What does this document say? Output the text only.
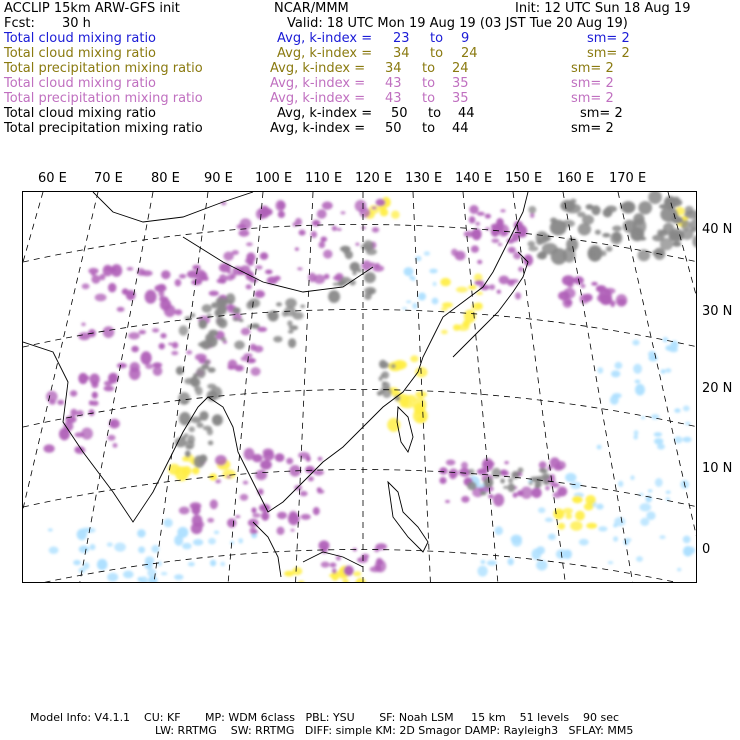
ACCLIP 15km ARW-GFS init	NCAR/MMM	Init: 12 UTC Sun 18 Aug 19
Fcst: 30 h	Valid: 18 UTC Mon 19 Aug 19 (03 JST Tue 20 Aug 19)
Total cloud mixing ratio	Avg, k-index = 23 to 9	sm= 2
Total cloud mixing ratio	Avg, k-index = 34 to 24	sm= 2
Total precipitation mixing ratio	Avg, k-index = 34 to 24	sm= 2
Total cloud mixing ratio	Avg, k-index = 43 to 35	sm= 2
Total precipitation mixing ratio	Avg, k-index = 43 to 35	sm= 2
Total cloud mixing ratio	Avg, k-index = 50 to 44	sm= 2
Total precipitation mixing ratio	Avg, k-index = 50 to 44	sm= 2
60 E 70 E 80 E 90 E 100 E 110 E 120 E 130 E 140 E 150 E 160 E 170 E
40 N
30 N
20 N
10 N
0
Model Info: V4.1.1    CU: KF       MP: WDM 6class   PBL: YSU       SF: Noah LSM     15 km    51 levels    90 sec
LW: RRTMG    SW: RRTMG   DIFF: simple KM: 2D Smagor DAMP: Rayleigh3   SFLAY: MM5
